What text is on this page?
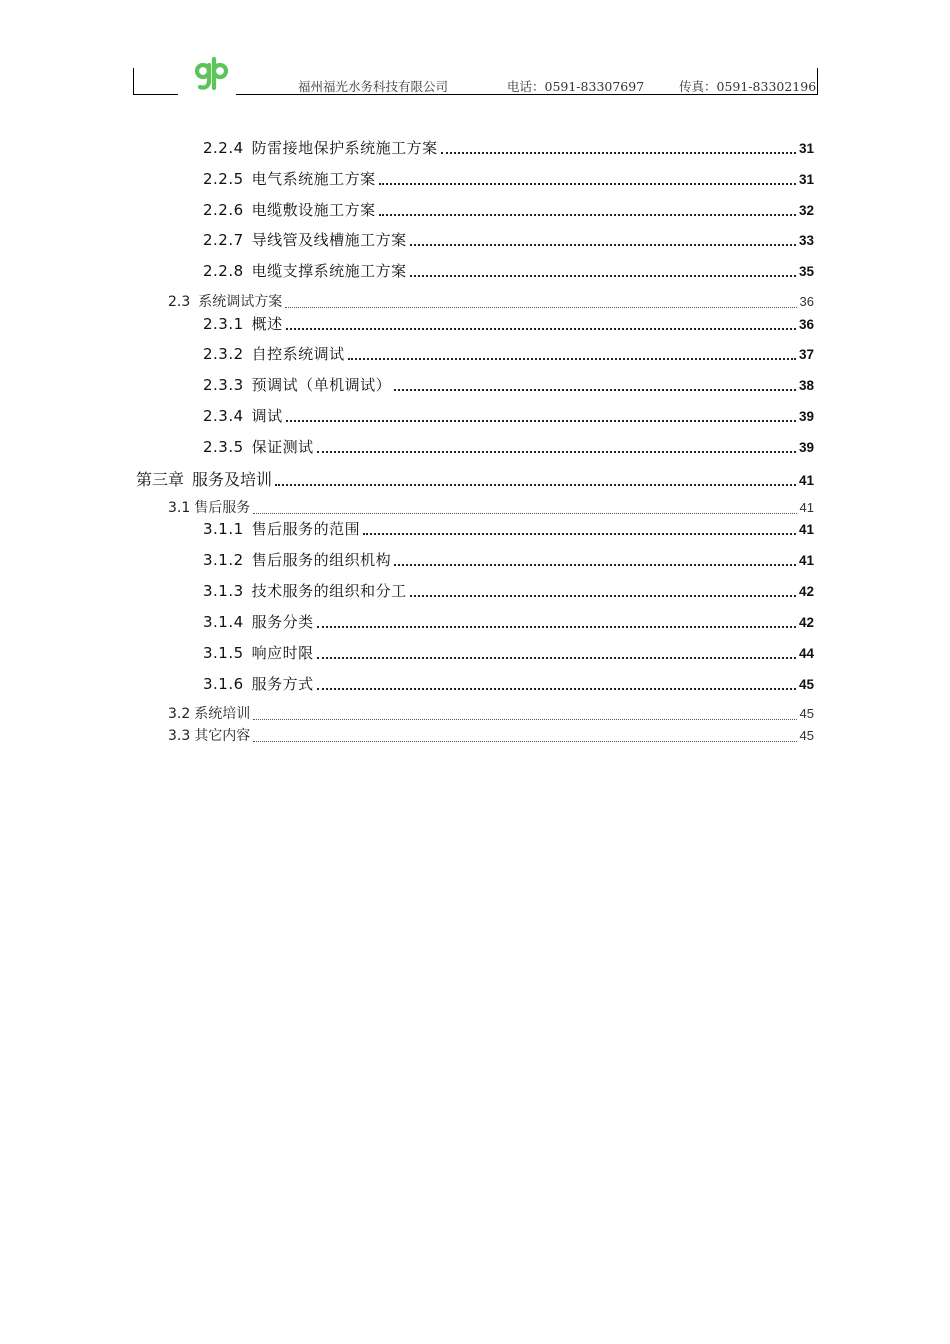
福州福光水务科技有限公司	电话：0591-83307697	传真：0591-83302196
2.2.4 防雷接地保护系统施工方案	31
2.2.5 电气系统施工方案	31
2.2.6 电缆敷设施工方案	32
2.2.7 导线管及线槽施工方案	33
2.2.8 电缆支撑系统施工方案	35
2.3 系统调试方案	36
2.3.1 概述	36
2.3.2 自控系统调试	37
2.3.3 预调试（单机调试）	38
2.3.4 调试	39
2.3.5 保证测试	39
第三章 服务及培训	41
3.1 售后服务	41
3.1.1 售后服务的范围	41
3.1.2 售后服务的组织机构	41
3.1.3 技术服务的组织和分工	42
3.1.4 服务分类	42
3.1.5 响应时限	44
3.1.6 服务方式	45
3.2 系统培训	45
3.3 其它内容	45
